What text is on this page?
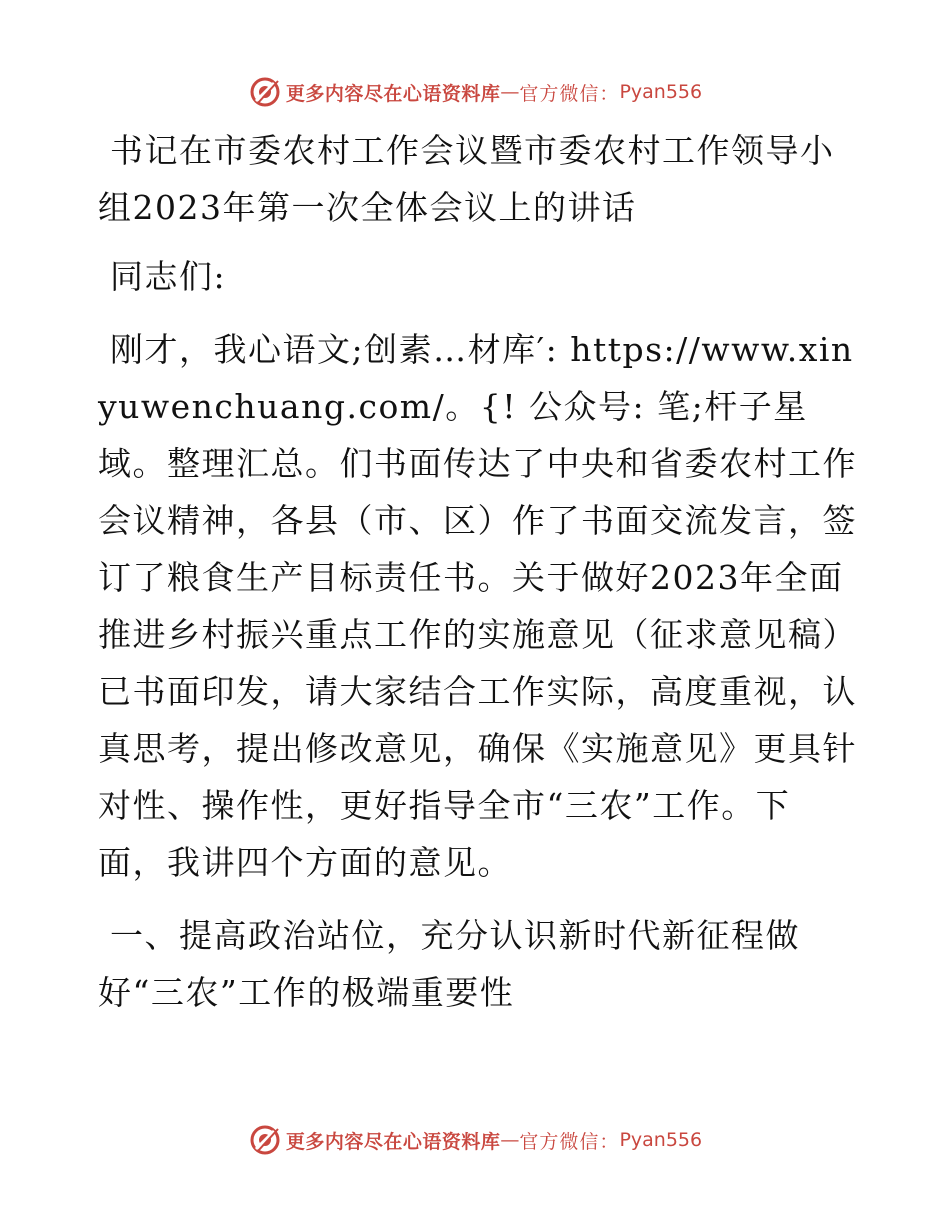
更多内容尽在心语资料库 — 官方微信： Pyan556

书记在市委农村工作会议暨市委农村工作领导小组2023年第一次全体会议上的讲话

同志们:

刚才，我心语文;创素…材库′: https://www.xinyuwenchuang.com/。{! 公众号: 笔;杆子星域。整理汇总。们书面传达了中央和省委农村工作会议精神，各县（市、区）作了书面交流发言，签订了粮食生产目标责任书。关于做好2023年全面推进乡村振兴重点工作的实施意见（征求意见稿）已书面印发，请大家结合工作实际，高度重视，认真思考，提出修改意见，确保《实施意见》更具针对性、操作性，更好指导全市“三农”工作。下面，我讲四个方面的意见。

一、提高政治站位，充分认识新时代新征程做好“三农”工作的极端重要性

更多内容尽在心语资料库 — 官方微信： Pyan556
